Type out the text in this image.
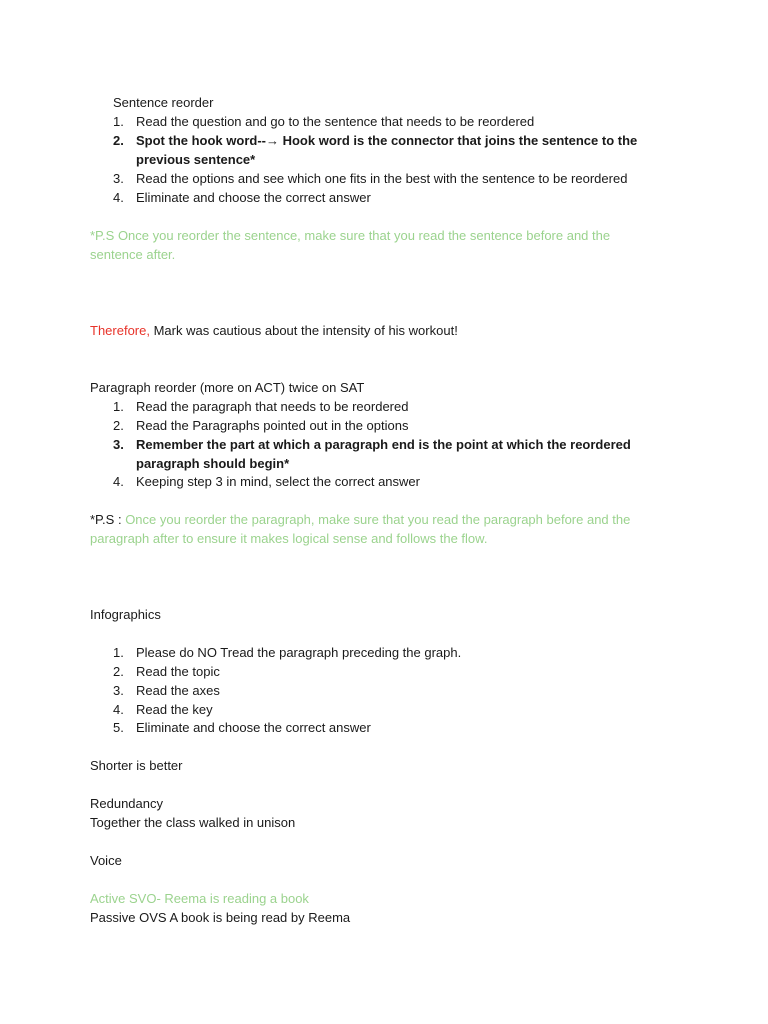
Sentence reorder
1. Read the question and go to the sentence that needs to be reordered
2. Spot the hook word--→ Hook word is the connector that joins the sentence to the
previous sentence*
3. Read the options and see which one fits in the best with the sentence to be reordered
4. Eliminate and choose the correct answer
*P.S Once you reorder the sentence, make sure that you read the sentence before and the
sentence after.
Therefore, Mark was cautious about the intensity of his workout!
Paragraph reorder (more on ACT) twice on SAT
1. Read the paragraph that needs to be reordered
2. Read the Paragraphs pointed out in the options
3. Remember the part at which a paragraph end is the point at which the reordered
paragraph should begin*
4. Keeping step 3 in mind, select the correct answer
*P.S : Once you reorder the paragraph, make sure that you read the paragraph before and the
paragraph after to ensure it makes logical sense and follows the flow.
Infographics
1. Please do NO Tread the paragraph preceding the graph.
2. Read the topic
3. Read the axes
4. Read the key
5. Eliminate and choose the correct answer
Shorter is better
Redundancy
Together the class walked in unison
Voice
Active SVO- Reema is reading a book
Passive OVS A book is being read by Reema
